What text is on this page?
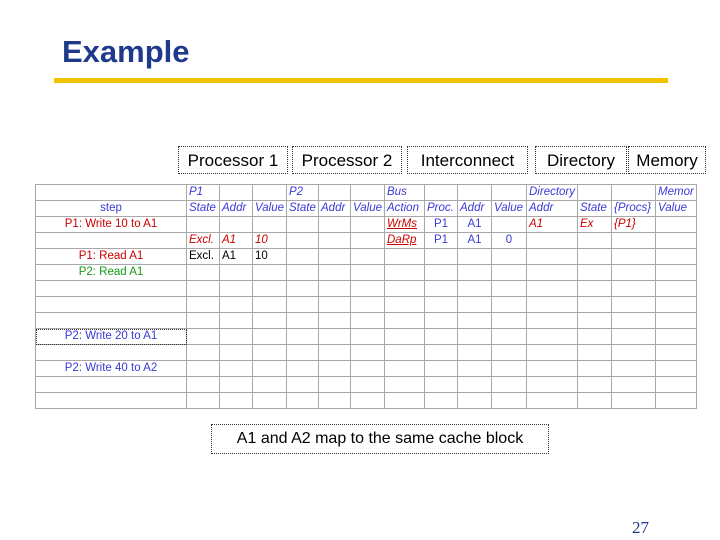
Example
Processor 1	Processor 2	Interconnect	Directory	Memory
	P1			P2			Bus				Directory			Memor
step	State	Addr	Value	State	Addr	Value	Action	Proc.	Addr	Value	Addr	State	{Procs}	Value
P1: Write 10 to A1							WrMs	P1	A1		A1	Ex	{P1}	
	Excl.	A1	10				DaRp	P1	A1	0				
P1: Read A1	Excl.	A1	10											
P2: Read A1														

P2: Write 20 to A1														

P2: Write 40 to A2														

A1 and A2 map to the same cache block
27
